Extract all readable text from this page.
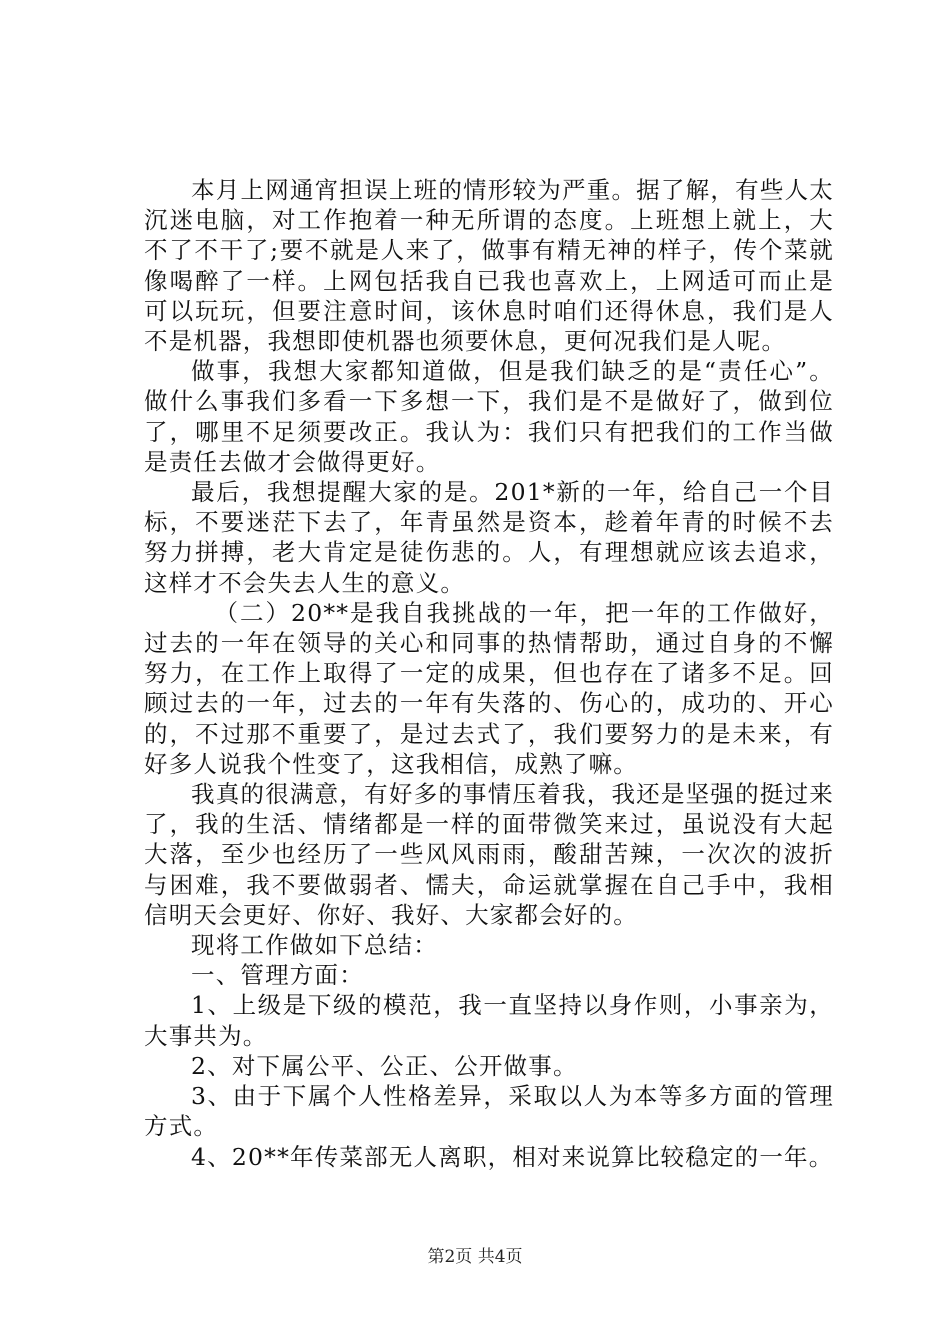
本月上网通宵担误上班的情形较为严重。据了解，有些人太沉迷电脑，对工作抱着一种无所谓的态度。上班想上就上，大不了不干了;要不就是人来了，做事有精无神的样子，传个菜就像喝醉了一样。上网包括我自已我也喜欢上，上网适可而止是可以玩玩，但要注意时间，该休息时咱们还得休息，我们是人不是机器，我想即使机器也须要休息，更何况我们是人呢。

做事，我想大家都知道做，但是我们缺乏的是“责任心”。做什么事我们多看一下多想一下，我们是不是做好了，做到位了，哪里不足须要改正。我认为：我们只有把我们的工作当做是责任去做才会做得更好。

最后，我想提醒大家的是。201*新的一年，给自己一个目标，不要迷茫下去了，年青虽然是资本，趁着年青的时候不去努力拼搏，老大肯定是徒伤悲的。人，有理想就应该去追求，这样才不会失去人生的意义。

（二）20**是我自我挑战的一年，把一年的工作做好，过去的一年在领导的关心和同事的热情帮助，通过自身的不懈努力，在工作上取得了一定的成果，但也存在了诸多不足。回顾过去的一年，过去的一年有失落的、伤心的，成功的、开心的，不过那不重要了，是过去式了，我们要努力的是未来，有好多人说我个性变了，这我相信，成熟了嘛。

我真的很满意，有好多的事情压着我，我还是坚强的挺过来了，我的生活、情绪都是一样的面带微笑来过，虽说没有大起大落，至少也经历了一些风风雨雨，酸甜苦辣，一次次的波折与困难，我不要做弱者、懦夫，命运就掌握在自己手中，我相信明天会更好、你好、我好、大家都会好的。

现将工作做如下总结：

一、管理方面：

1、上级是下级的模范，我一直坚持以身作则，小事亲为，大事共为。

2、对下属公平、公正、公开做事。

3、由于下属个人性格差异，采取以人为本等多方面的管理方式。

4、20**年传菜部无人离职，相对来说算比较稳定的一年。

第2页 共4页
